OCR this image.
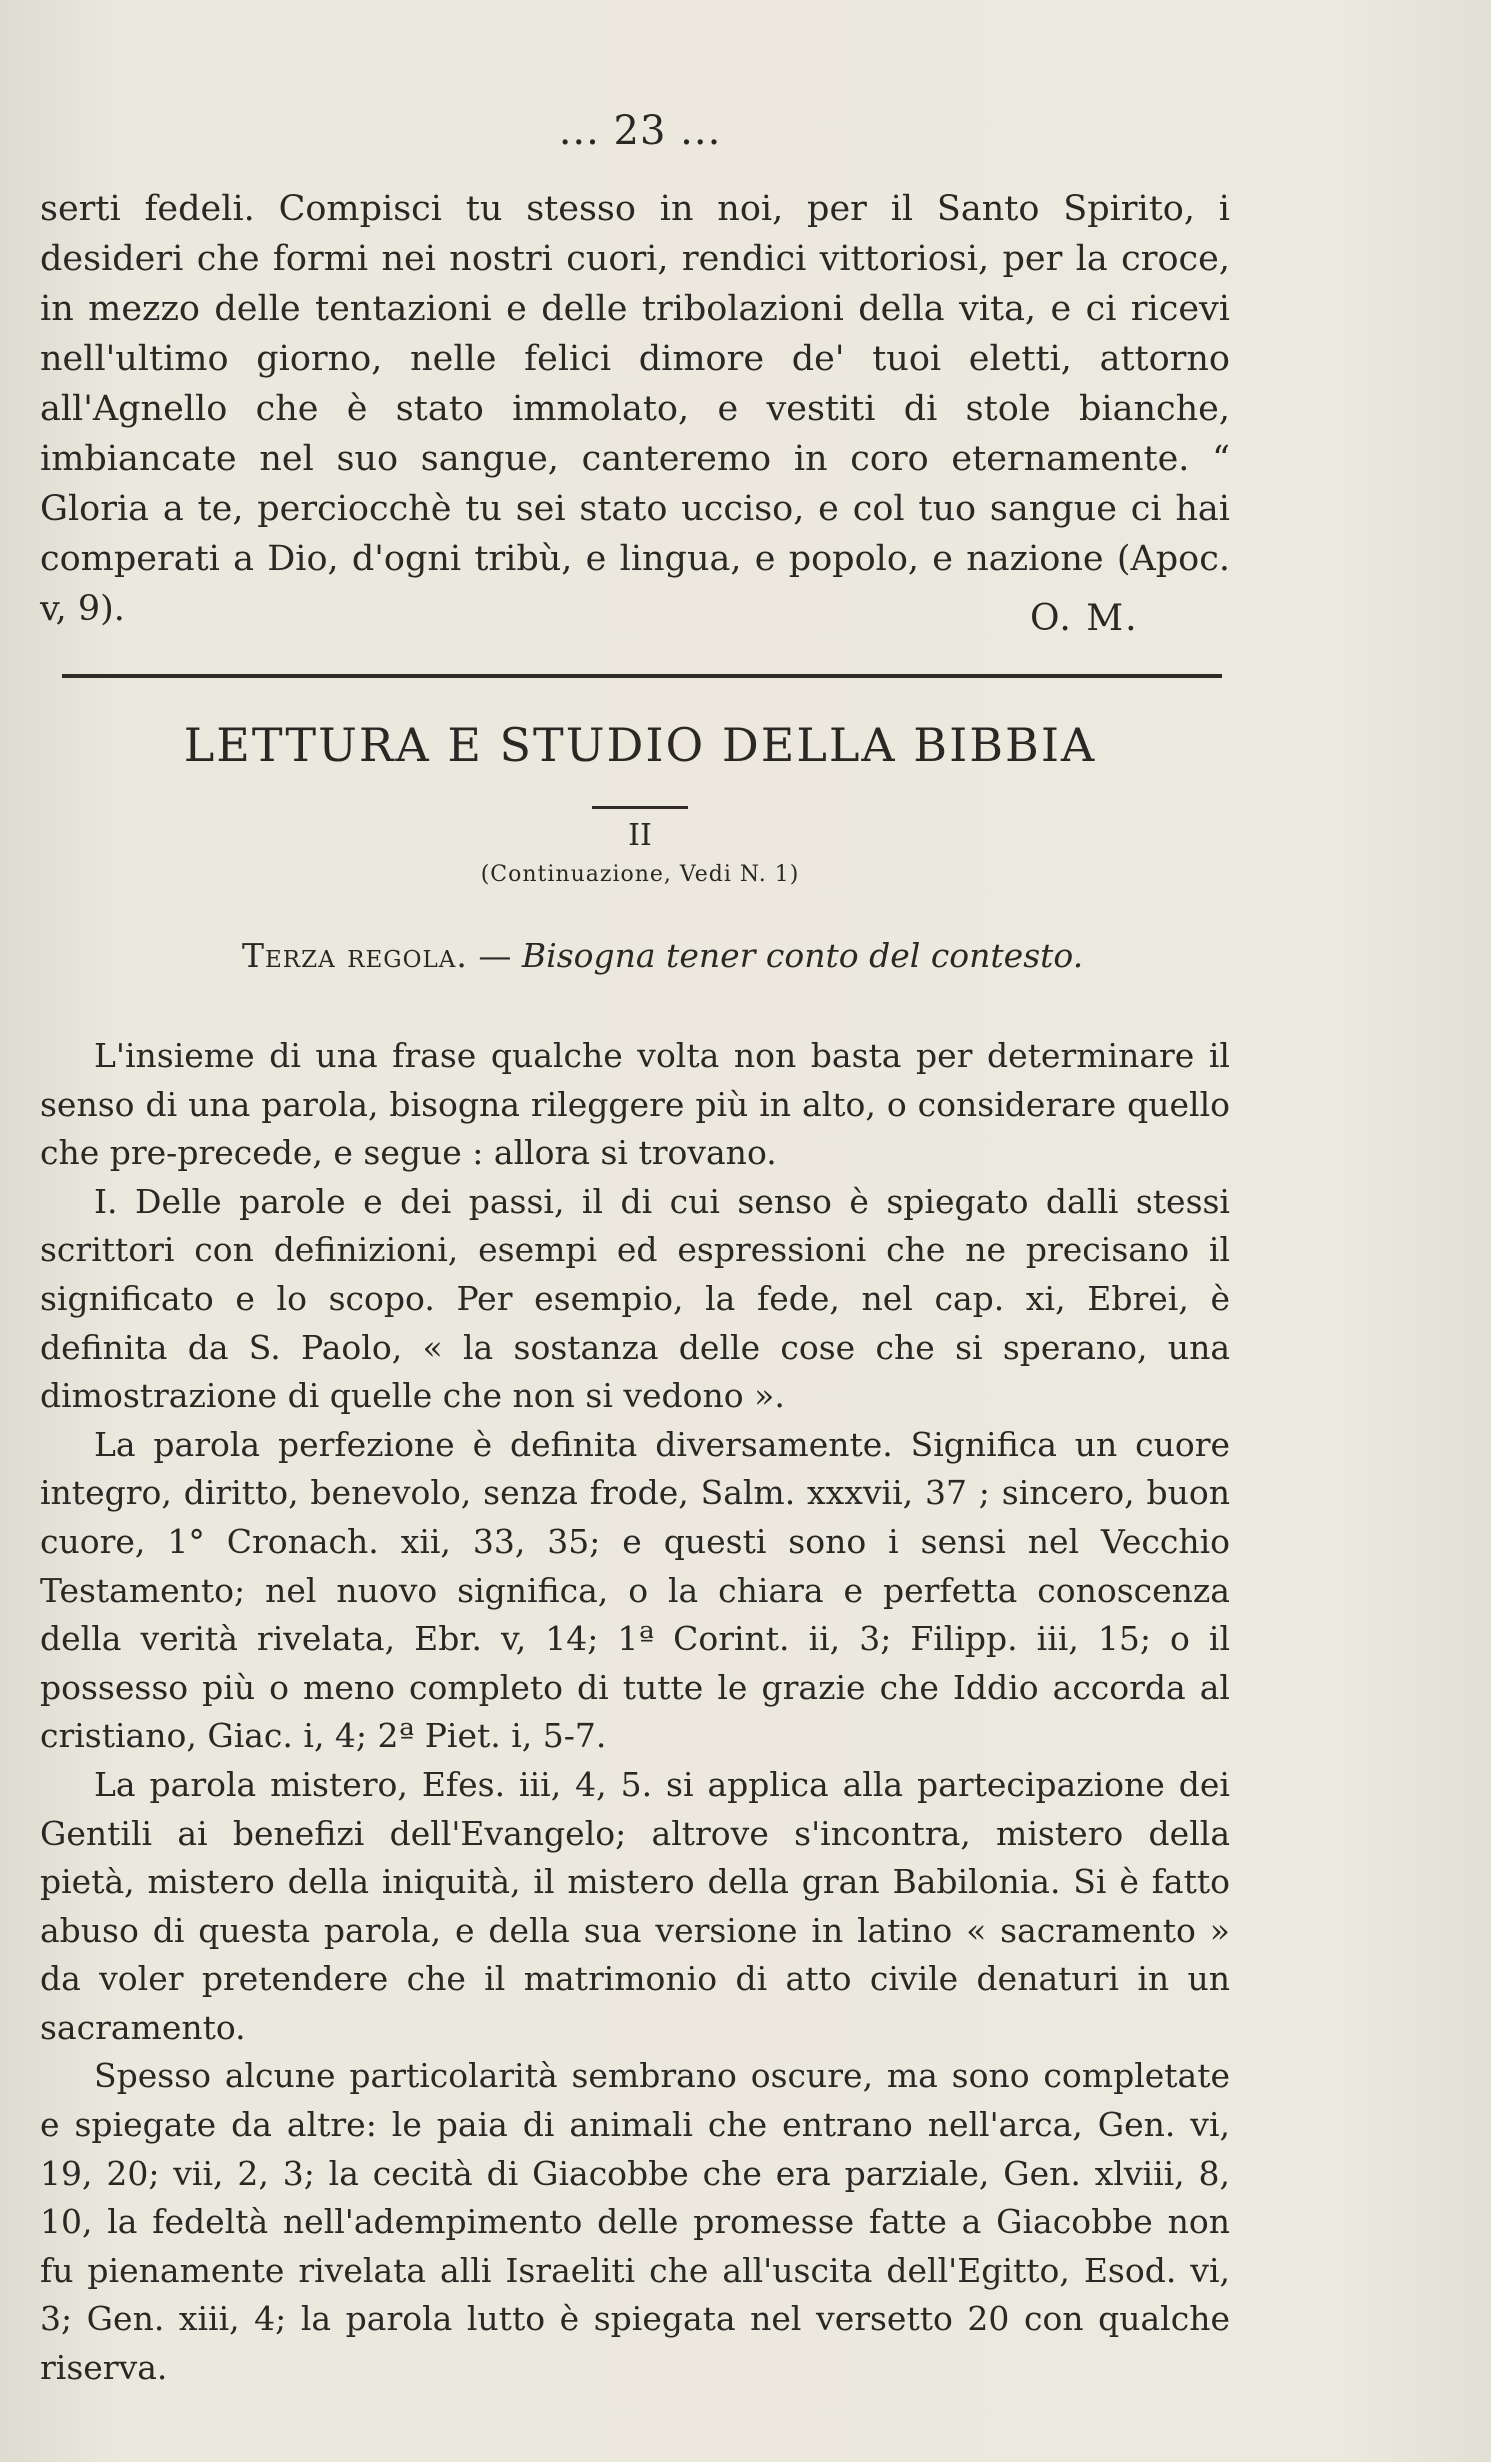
... 23 ...

serti fedeli. Compisci tu stesso in noi, per il Santo Spirito, i desideri che formi nei nostri cuori, rendici vittoriosi, per la croce, in mezzo delle tentazioni e delle tribolazioni della vita, e ci ricevi nell'ultimo giorno, nelle felici dimore de' tuoi eletti, attorno all'Agnello che è stato immolato, e vestiti di stole bianche, imbiancate nel suo sangue, canteremo in coro eternamente. “ Gloria a te, perciocchè tu sei stato ucciso, e col tuo sangue ci hai comperati a Dio, d'ogni tribù, e lingua, e popolo, e nazione (Apoc. v, 9).	O. M.
LETTURA E STUDIO DELLA BIBBIA
II
(Continuazione, Vedi N. 1)
Terza regola. — Bisogna tener conto del contesto.

L'insieme di una frase qualche volta non basta per determinare il senso di una parola, bisogna rileggere più in alto, o considerare quello che pre-precede, e segue : allora si trovano.

I. Delle parole e dei passi, il di cui senso è spiegato dalli stessi scrittori con definizioni, esempi ed espressioni che ne precisano il significato e lo scopo. Per esempio, la fede, nel cap. xi, Ebrei, è definita da S. Paolo, « la sostanza delle cose che si sperano, una dimostrazione di quelle che non si vedono ».

La parola perfezione è definita diversamente. Significa un cuore integro, diritto, benevolo, senza frode, Salm. xxxvii, 37 ; sincero, buon cuore, 1° Cronach. xii, 33, 35; e questi sono i sensi nel Vecchio Testamento; nel nuovo significa, o la chiara e perfetta conoscenza della verità rivelata, Ebr. v, 14; 1ª Corint. ii, 3; Filipp. iii, 15; o il possesso più o meno completo di tutte le grazie che Iddio accorda al cristiano, Giac. i, 4; 2ª Piet. i, 5-7.

La parola mistero, Efes. iii, 4, 5. si applica alla partecipazione dei Gentili ai benefizi dell'Evangelo; altrove s'incontra, mistero della pietà, mistero della iniquità, il mistero della gran Babilonia. Si è fatto abuso di questa parola, e della sua versione in latino « sacramento » da voler pretendere che il matrimonio di atto civile denaturi in un sacramento.

Spesso alcune particolarità sembrano oscure, ma sono completate e spiegate da altre: le paia di animali che entrano nell'arca, Gen. vi, 19, 20; vii, 2, 3; la cecità di Giacobbe che era parziale, Gen. xlviii, 8, 10, la fedeltà nell'adempimento delle promesse fatte a Giacobbe non fu pienamente rivelata alli Israeliti che all'uscita dell'Egitto, Esod. vi, 3; Gen. xiii, 4; la parola lutto è spiegata nel versetto 20 con qualche riserva.
